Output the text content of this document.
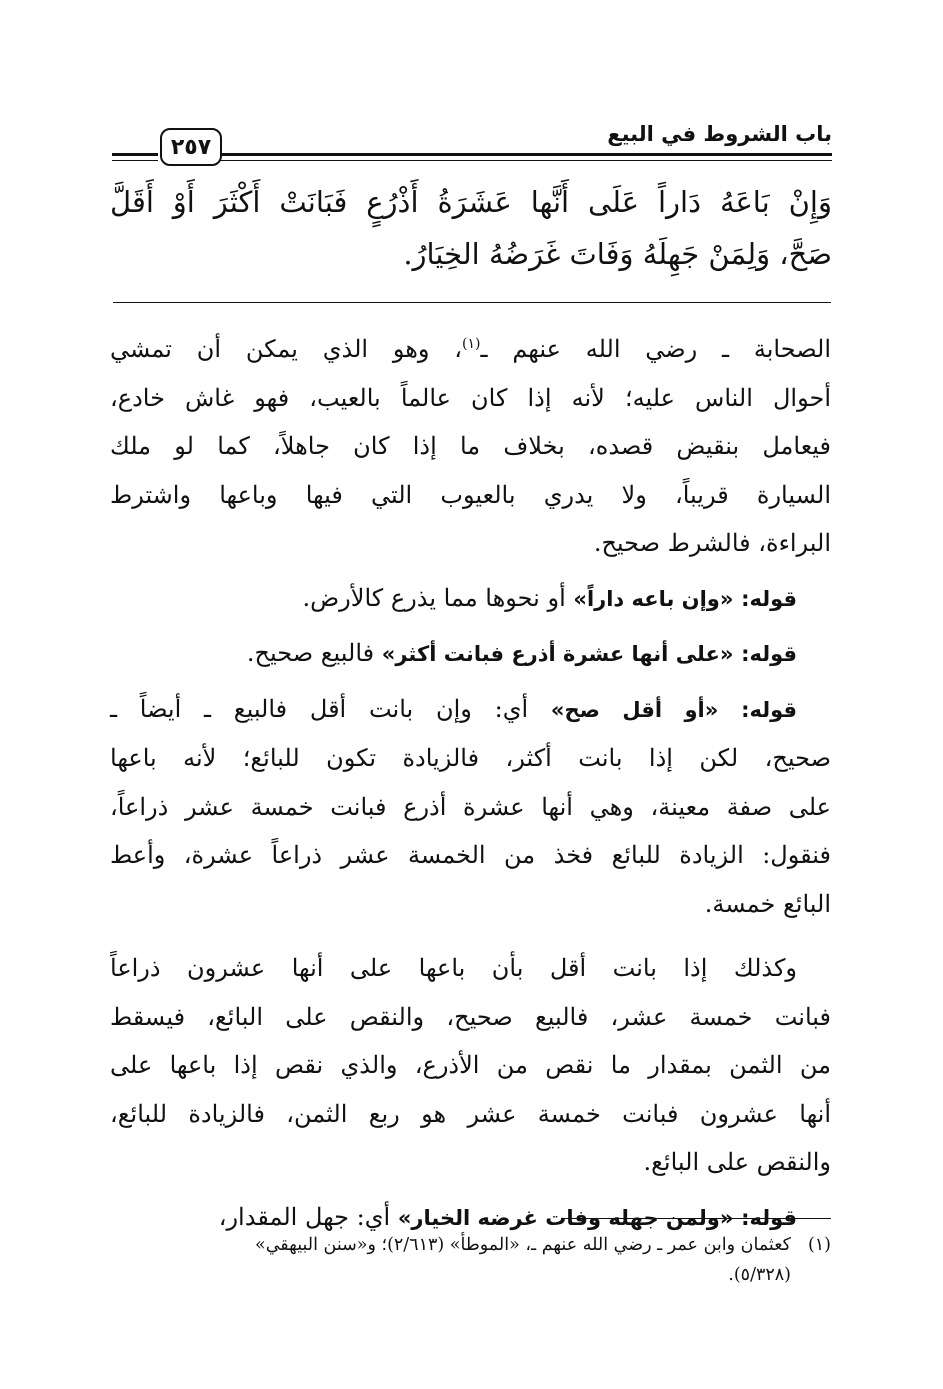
باب الشروط في البيع
٢٥٧
وَإِنْ بَاعَهُ دَاراً عَلَى أَنَّها عَشَرَةُ أَذْرُعٍ فَبَانَتْ أَكْثَرَ أَوْ أَقَلَّ
صَحَّ، وَلِمَنْ جَهِلَهُ وَفَاتَ غَرَضُهُ الخِيَارُ.

الصحابة ـ رضي الله عنهم ـ$^{(١)}$، وهو الذي يمكن أن تمشي
أحوال الناس عليه؛ لأنه إذا كان عالماً بالعيب، فهو غاش خادع،
فيعامل بنقيض قصده، بخلاف ما إذا كان جاهلاً، كما لو ملك
السيارة قريباً، ولا يدري بالعيوب التي فيها وباعها واشترط
البراءة، فالشرط صحيح.

قوله: «وإن باعه داراً» أو نحوها مما يذرع كالأرض.

قوله: «على أنها عشرة أذرع فبانت أكثر» فالبيع صحيح.

قوله: «أو أقل صح» أي: وإن بانت أقل فالبيع ـ أيضاً ـ
صحيح، لكن إذا بانت أكثر، فالزيادة تكون للبائع؛ لأنه باعها
على صفة معينة، وهي أنها عشرة أذرع فبانت خمسة عشر ذراعاً،
فنقول: الزيادة للبائع فخذ من الخمسة عشر ذراعاً عشرة، وأعط
البائع خمسة.

وكذلك إذا بانت أقل بأن باعها على أنها عشرون ذراعاً
فبانت خمسة عشر، فالبيع صحيح، والنقص على البائع، فيسقط
من الثمن بمقدار ما نقص من الأذرع، والذي نقص إذا باعها على
أنها عشرون فبانت خمسة عشر هو ربع الثمن، فالزيادة للبائع،
والنقص على البائع.

قوله: «ولمن جهله وفات غرضه الخيار» أي: جهل المقدار،

(١)كعثمان وابن عمر ـ رضي الله عنهم ـ، «الموطأ» (٢/٦١٣)؛ و«سنن البيهقي»
(٥/٣٢٨).
